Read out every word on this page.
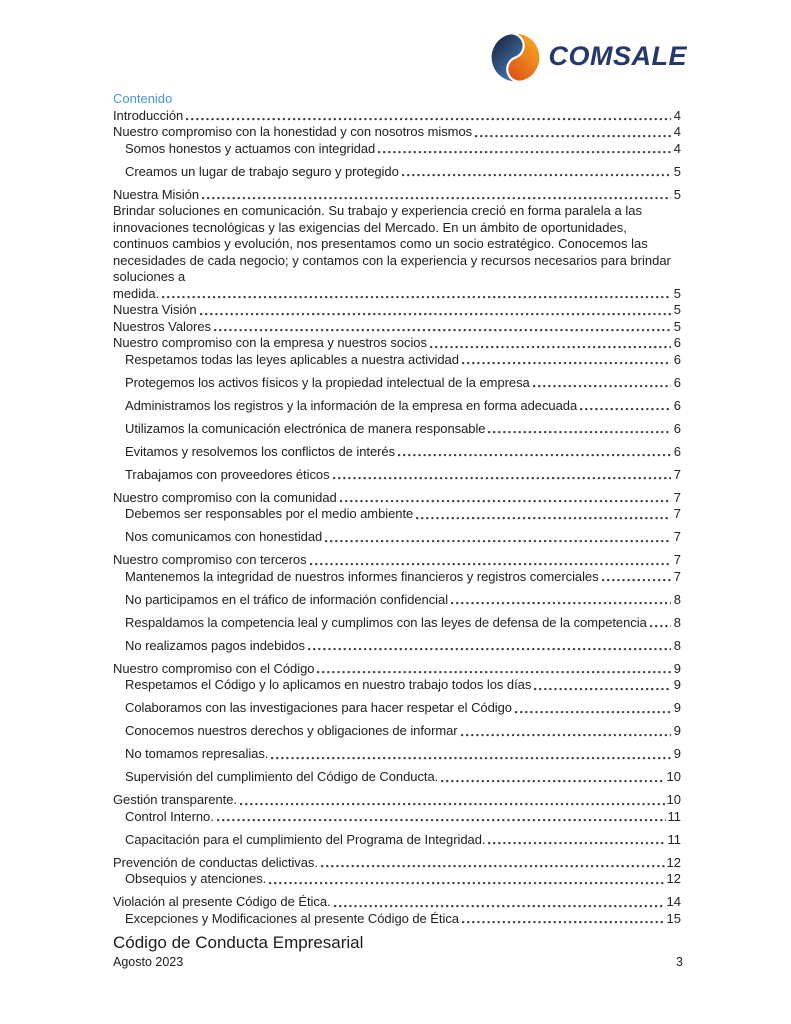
COMSALE
Contenido
Introducción	4
Nuestro compromiso con la honestidad y con nosotros mismos	4
Somos honestos y actuamos con integridad	4
Creamos un lugar de trabajo seguro y protegido	5
Nuestra Misión	5
Brindar soluciones en comunicación. Su trabajo y experiencia creció en forma paralela a las innovaciones tecnológicas y las exigencias del Mercado. En un ámbito de oportunidades, continuos cambios y evolución, nos presentamos como un socio estratégico. Conocemos las necesidades de cada negocio; y contamos con la experiencia y recursos necesarios para brindar soluciones a
medida.	5
Nuestra Visión	5
Nuestros Valores	5
Nuestro compromiso con la empresa y nuestros socios	6
Respetamos todas las leyes aplicables a nuestra actividad	6
Protegemos los activos físicos y la propiedad intelectual de la empresa	6
Administramos los registros y la información de la empresa en forma adecuada	6
Utilizamos la comunicación electrónica de manera responsable	6
Evitamos y resolvemos los conflictos de interés	6
Trabajamos con proveedores éticos	7
Nuestro compromiso con la comunidad	7
Debemos ser responsables por el medio ambiente	7
Nos comunicamos con honestidad	7
Nuestro compromiso con terceros	7
Mantenemos la integridad de nuestros informes financieros y registros comerciales	7
No participamos en el tráfico de información confidencial	8
Respaldamos la competencia leal y cumplimos con las leyes de defensa de la competencia 8
No realizamos pagos indebidos	8
Nuestro compromiso con el Código	9
Respetamos el Código y lo aplicamos en nuestro trabajo todos los días	9
Colaboramos con las investigaciones para hacer respetar el Código	9
Conocemos nuestros derechos y obligaciones de informar	9
No tomamos represalias.	9
Supervisión del cumplimiento del Código de Conducta.	10
Gestión transparente.	10
Control Interno.	11
Capacitación para el cumplimiento del Programa de Integridad.	11
Prevención de conductas delictivas.	12
Obsequios y atenciones.	12
Violación al presente Código de Ética.	14
Excepciones y Modificaciones al presente Código de Ética	15
Código de Conducta Empresarial
Agosto 2023	3
